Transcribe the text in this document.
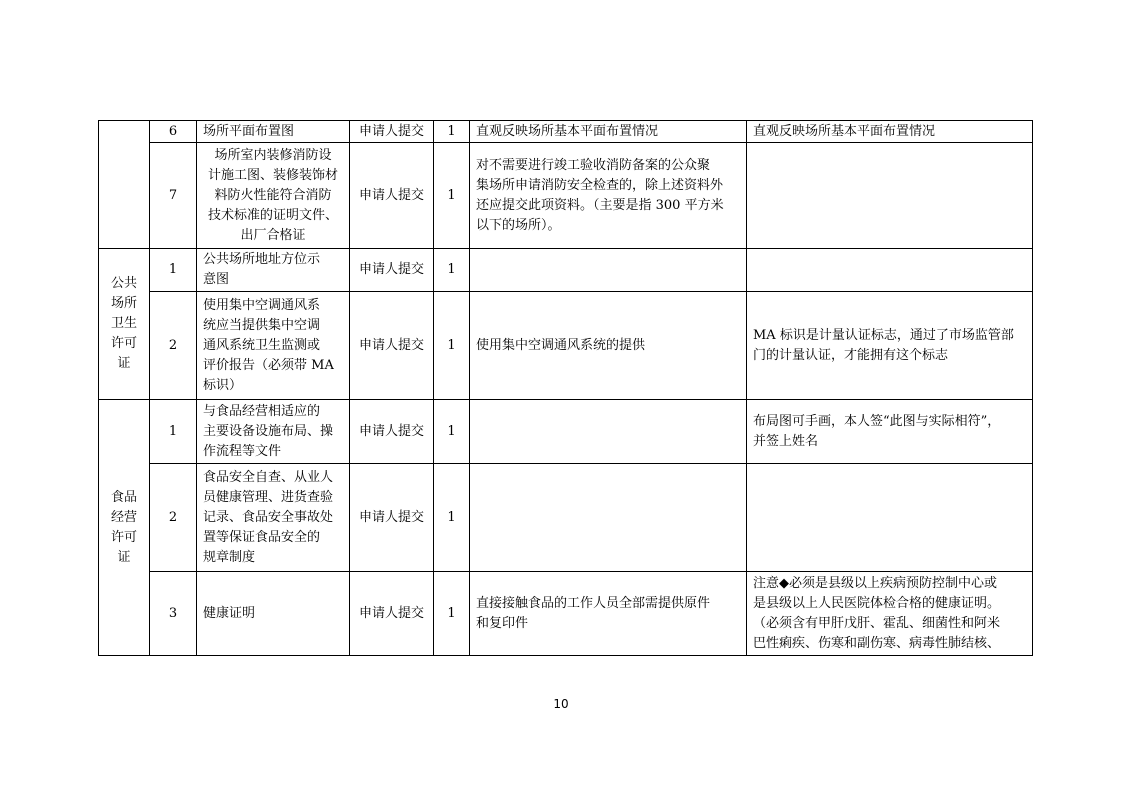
	6	场所平面布置图	申请人提交	1	直观反映场所基本平面布置情况	直观反映场所基本平面布置情况
	7	场所室内装修消防设
计施工图、装修装饰材
料防火性能符合消防
技术标准的证明文件、
出厂合格证	申请人提交	1	对不需要进行竣工验收消防备案的公众聚
集场所申请消防安全检查的，除上述资料外
还应提交此项资料。（主要是指 300 平方米
以下的场所）。	
公共
场所
卫生
许可
证	1	公共场所地址方位示
意图	申请人提交	1		
	2	使用集中空调通风系
统应当提供集中空调
通风系统卫生监测或
评价报告（必须带 MA
标识）	申请人提交	1	使用集中空调通风系统的提供	MA 标识是计量认证标志，通过了市场监管部
门的计量认证，才能拥有这个标志
食品
经营
许可
证	1	与食品经营相适应的
主要设备设施布局、操
作流程等文件	申请人提交	1		布局图可手画，本人签“此图与实际相符”，
并签上姓名
	2	食品安全自查、从业人
员健康管理、进货查验
记录、食品安全事故处
置等保证食品安全的
规章制度	申请人提交	1		
	3	健康证明	申请人提交	1	直接接触食品的工作人员全部需提供原件
和复印件	注意◆必须是县级以上疾病预防控制中心或
是县级以上人民医院体检合格的健康证明。
（必须含有甲肝戊肝、霍乱、细菌性和阿米
巴性痢疾、伤寒和副伤寒、病毒性肺结核、
10
